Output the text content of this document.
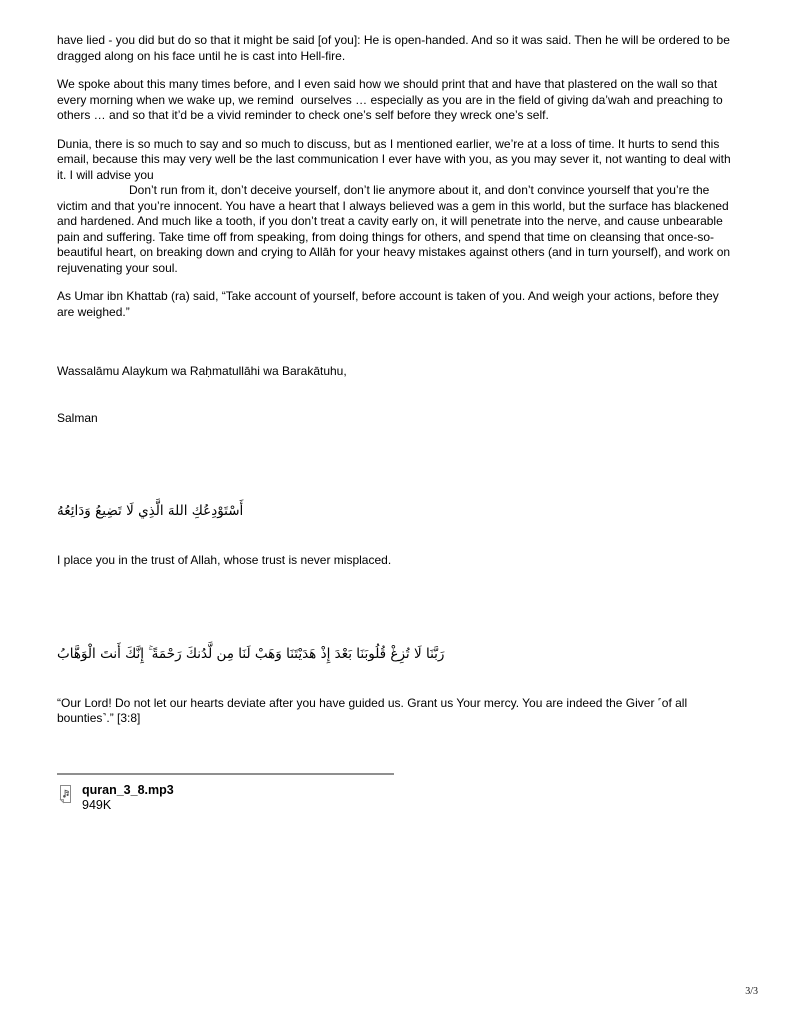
have lied - you did but do so that it might be said [of you]: He is open-handed. And so it was said. Then he will be ordered to be dragged along on his face until he is cast into Hell-fire.

We spoke about this many times before, and I even said how we should print that and have that plastered on the wall so that every morning when we wake up, we remind  ourselves … especially as you are in the field of giving da’wah and preaching to others … and so that it’d be a vivid reminder to check one’s self before they wreck one’s self.

Dunia, there is so much to say and so much to discuss, but as I mentioned earlier, we’re at a loss of time. It hurts to send this email, because this may very well be the last communication I ever have with you, as you may sever it, not wanting to deal with it. I will advise you

Don’t run from it, don’t deceive yourself, don’t lie anymore about it, and don’t convince yourself that you’re the victim and that you’re innocent. You have a heart that I always believed was a gem in this world, but the surface has blackened and hardened. And much like a tooth, if you don’t treat a cavity early on, it will penetrate into the nerve, and cause unbearable pain and suffering. Take time off from speaking, from doing things for others, and spend that time on cleansing that once-so-beautiful heart, on breaking down and crying to Allāh for your heavy mistakes against others (and in turn yourself), and work on rejuvenating your soul.

As Umar ibn Khattab (ra) said, “Take account of yourself, before account is taken of you. And weigh your actions, before they are weighed.”

Wassalāmu Alaykum wa Raḥmatullāhi wa Barakātuhu,

Salman

أَسْتَوْدِعُكِ اللهَ الَّذِي لَا تَضِيعُ وَدَائِعُهُ

I place you in the trust of Allah, whose trust is never misplaced.

رَبَّنَا لَا تُزِغْ قُلُوبَنَا بَعْدَ إِذْ هَدَيْتَنَا وَهَبْ لَنَا مِن لَّدُنكَ رَحْمَةً ۚ إِنَّكَ أَنتَ الْوَهَّابُ

“Our Lord! Do not let our hearts deviate after you have guided us. Grant us Your mercy. You are indeed the Giver ˹of all bounties˺.” [3:8]

quran_3_8.mp3
949K
3/3
